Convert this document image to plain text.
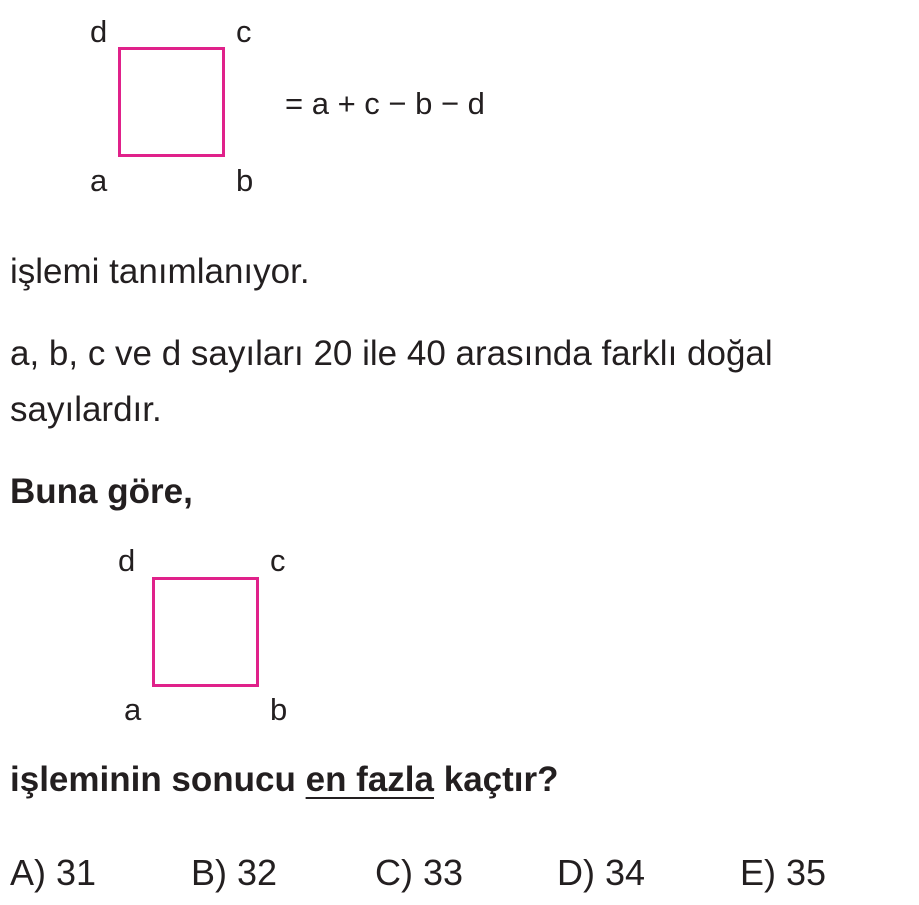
d	c
a	b
= a + c − b − d
işlemi tanımlanıyor.
a, b, c ve d sayıları 20 ile 40 arasında farklı doğal
sayılardır.
Buna göre,
d	c
a	b
işleminin sonucu en fazla kaçtır?
A) 31	B) 32	C) 33	D) 34	E) 35
